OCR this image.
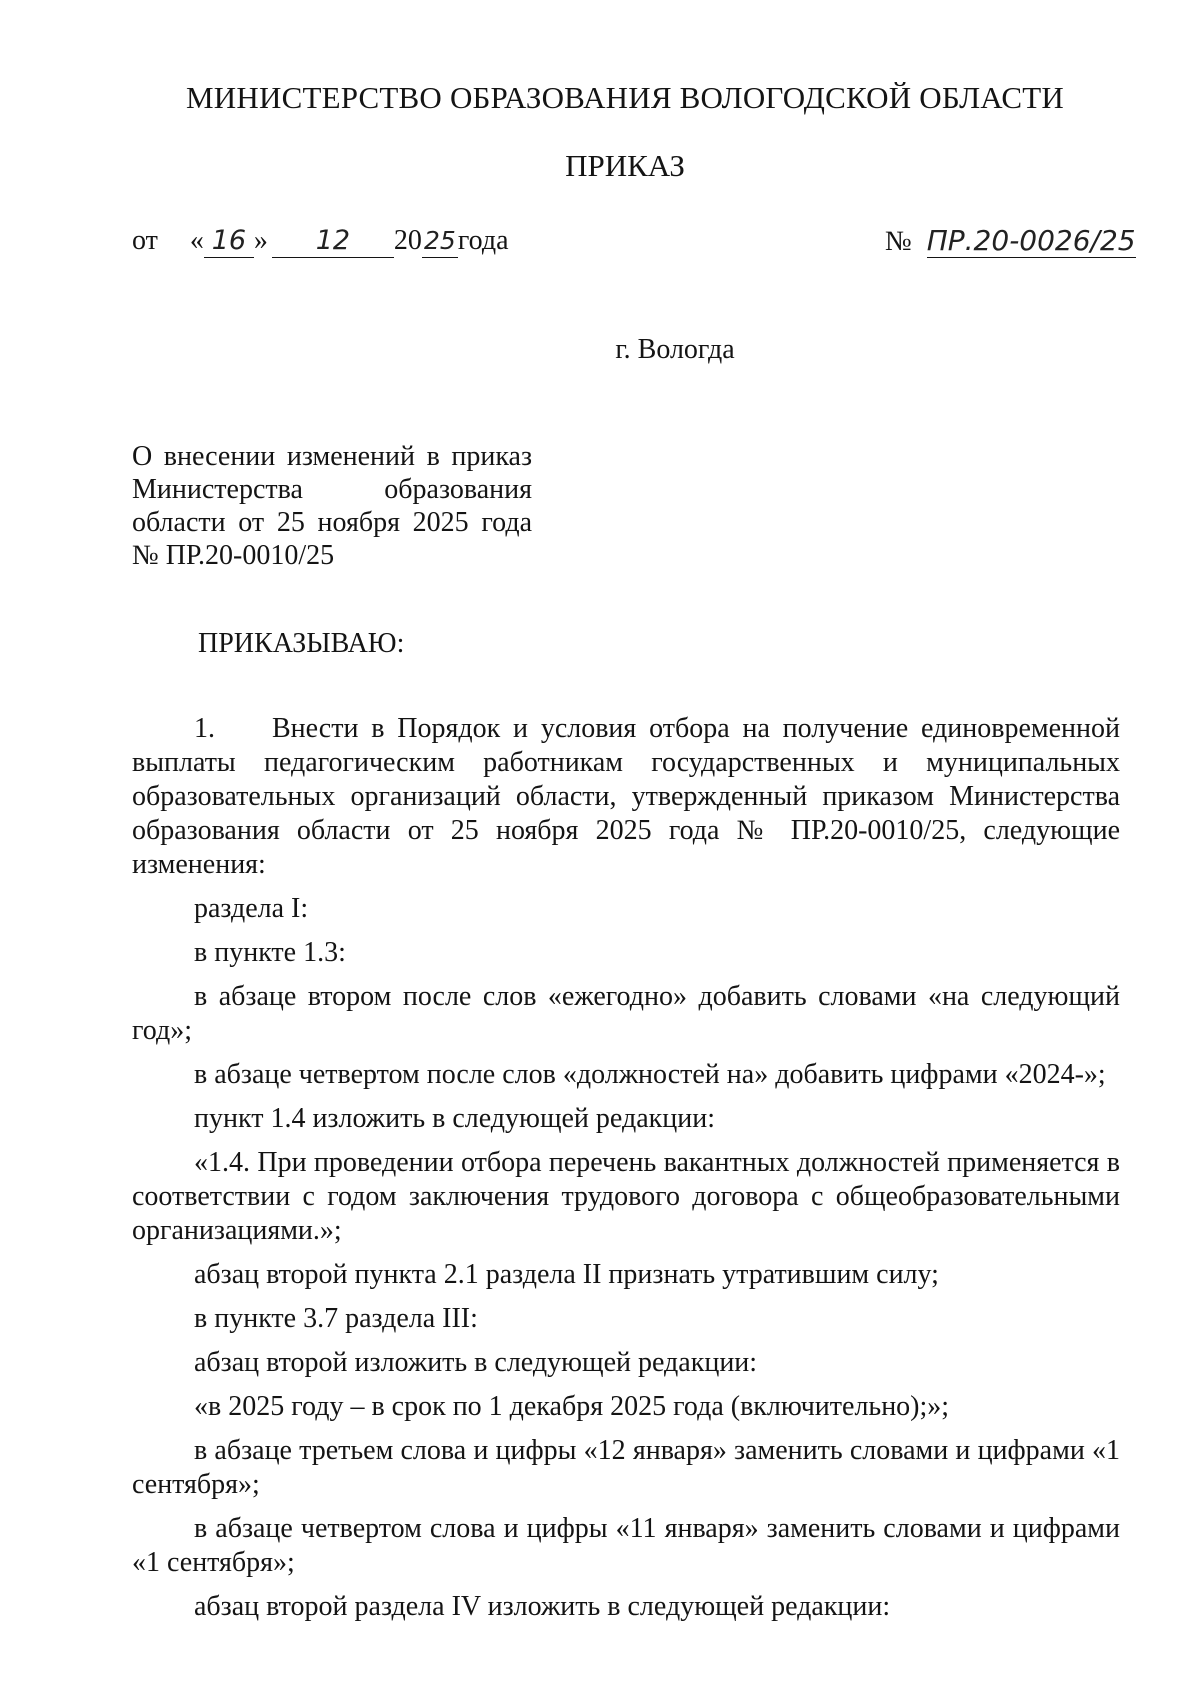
МИНИСТЕРСТВО ОБРАЗОВАНИЯ ВОЛОГОДСКОЙ ОБЛАСТИ
ПРИКАЗ
от « 16 » 12 2025года	№ ПР.20-0026/25
г. Вологда
О внесении изменений в приказ
Министерства образования
области от 25 ноября 2025 года
№ ПР.20-0010/25
ПРИКАЗЫВАЮ:

1. Внести в Порядок и условия отбора на получение единовременной выплаты педагогическим работникам государственных и муниципальных образовательных организаций области, утвержденный приказом Министерства образования области от 25 ноября 2025 года № ПР.20-0010/25, следующие изменения:

раздела I:

в пункте 1.3:

в абзаце втором после слов «ежегодно» добавить словами «на следующий год»;

в абзаце четвертом после слов «должностей на» добавить цифрами «2024-»;

пункт 1.4 изложить в следующей редакции:

«1.4. При проведении отбора перечень вакантных должностей применяется в соответствии с годом заключения трудового договора с общеобразовательными организациями.»;

абзац второй пункта 2.1 раздела II признать утратившим силу;

в пункте 3.7 раздела III:

абзац второй изложить в следующей редакции:

«в 2025 году – в срок по 1 декабря 2025 года (включительно);»;

в абзаце третьем слова и цифры «12 января» заменить словами и цифрами «1 сентября»;

в абзаце четвертом слова и цифры «11 января» заменить словами и цифрами «1 сентября»;

абзац второй раздела IV изложить в следующей редакции:
